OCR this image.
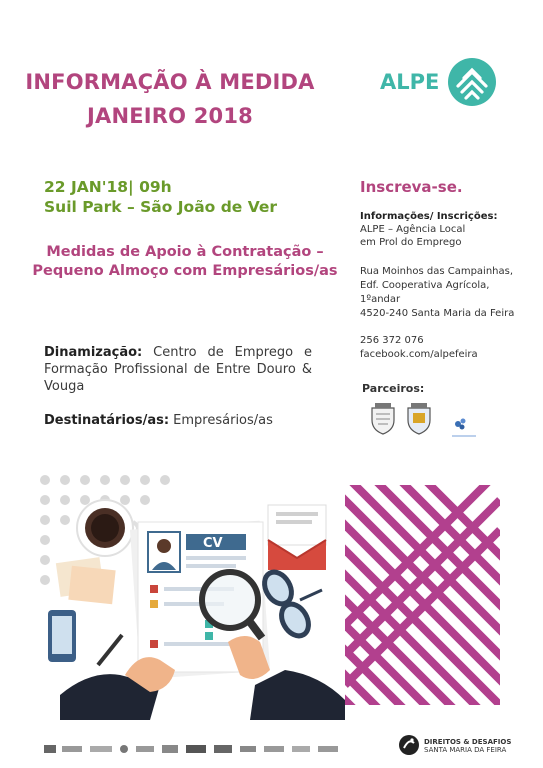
INFORMAÇÃO À MEDIDA
JANEIRO 2018
ALPE
22 JAN'18| 09h
Suil Park – São João de Ver
Medidas de Apoio à Contratação –
Pequeno Almoço com Empresários/as
Dinamização: Centro de Emprego e Formação Profissional de Entre Douro & Vouga
Destinatários/as: Empresários/as
Inscreva-se.
Informações/ Inscrições:
ALPE – Agência Local
em Prol do Emprego
Rua Moinhos das Campainhas,
Edf. Cooperativa Agrícola,
1ºandar
4520-240 Santa Maria da Feira
256 372 076
facebook.com/alpefeira
Parceiros:
CV
DIREITOS & DESAFIOS
SANTA MARIA DA FEIRA
